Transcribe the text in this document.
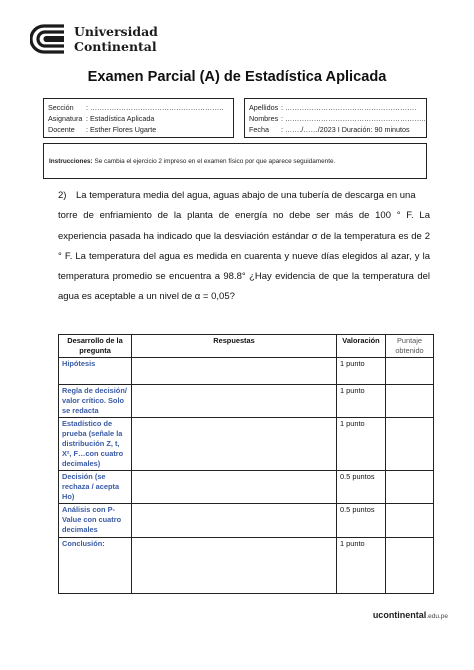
Universidad
Continental
Examen Parcial (A) de Estadística Aplicada
Sección : ………………………………………………..
Asignatura : Estadística Aplicada
Docente : Esther Flores Ugarte
Apellidos : ……………………………………………….
Nombres : …………………………………………………..
Fecha : ……./……/2023 I Duración: 90 minutos
Instrucciones: Se cambia el ejercicio 2 impreso en el examen físico por que aparece seguidamente.
2) La temperatura media del agua, aguas abajo de una tubería de descarga en una
torre de enfriamiento de la planta de energía no debe ser más de 100 ° F. La experiencia pasada ha indicado que la desviación estándar σ de la temperatura es de 2 ° F. La temperatura del agua es medida en cuarenta y nueve días elegidos al azar, y la temperatura promedio se encuentra a 98.8° ¿Hay evidencia de que la temperatura del agua es aceptable a un nivel de α = 0,05?
Desarrollo de la pregunta	Respuestas	Valoración	Puntaje obtenido
Hipótesis		1 punto	
Regla de decisión/ valor crítico. Solo se redacta		1 punto	
Estadístico de prueba (señale la distribución Z, t, X², F…con cuatro decimales)		1 punto	
Decisión (se rechaza / acepta Ho)		0.5 puntos	
Análisis con P- Value con cuatro decimales		0.5 puntos	
Conclusión:		1 punto	
ucontinental.edu.pe
